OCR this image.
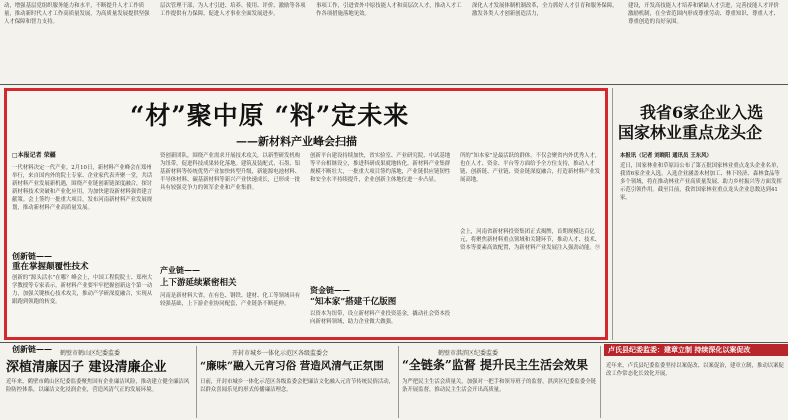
动，增强基层党组织服务能力和水平，不断提升人才工作质量，推动新时代人才工作高质量发展，为高质量发展提供坚强人才保障和智力支持。
层次管理干部，为人才引进、培养、使用、评价、激励等各项工作提供有力保障，促进人才事业全面发展进步。
事项工作，引进省外中原技能人才和高层次人才，推动人才工作各项措施落地见效。
深化人才发展体制机制改革，全力抓好人才引育和服务保障，激发各类人才创新创造活力，
建设，开发高技能人才培养和紧缺人才引进，完善技能人才评价激励机制，在全省范围内形成尊重劳动、尊重知识、尊重人才、尊重创造的良好氛围。
“材”聚中原 “料”定未来
——新材料产业峰会扫描
□本报记者 荣疆
一代材料决定一代产业。2月10日，新材料产业峰会在郑州举行，来自国内外的院士专家、企业家代表齐聚一堂，共话新材料产业发展新机遇，围绕产业链创新链深度融合，探讨新材料技术突破和产业化应用，为加快建设新材料强省建言献策。会上签约一批重大项目，发布河南新材料产业发展规划，推动新材料产业高质量发展。
创新链——
重在掌握颠覆性技术
创新的“源头活水”在哪？峰会上，中国工程院院士、郑州大学教授等专家表示，新材料产业要牢牢把握创新这个第一动力，加强关键核心技术攻关，推动产学研深度融合，实现从跟跑到领跑的转变。
创新链——
资创新团队，围绕产业需求开展技术攻关，以新型研发机构为纽带，促进科技成果转化落地。建筑及装配式、石墨、铝基新材料等传统优势产业加快转型升级，新能源电池材料、半导体材料、碳基新材料等新兴产业快速成长，已形成一批具有较强竞争力的领军企业和产业集群。
产业链——
上下游延续紧密相关
河南是新材料大省，在有色、钢铁、建材、化工等领域具有较强基础，上下游企业协同配套，产业链条不断延伸。
创新平台建设持续加快，省实验室、产业研究院、中试基地等平台相继设立，推进科研成果就地转化。新材料产业集群规模不断壮大，一批重大项目签约落地，产业链供应链韧性和安全水平持续提升，企业创新主体地位进一步凸显。
资金链——
“知本家”搭建千亿版图
以资本为纽带，设立新材料产业投资基金，撬动社会资本投向新材料领域，助力企业做大做强。
所的“知本家”是最活跃的群体。不仅会聚省内外优秀人才，也在人才、资金、平台等方面给予全方位支持，推动人才链、创新链、产业链、资金链深度融合，打造新材料产业发展高地。
会上，河南省新材料投资集团正式揭牌，首期规模达百亿元，将聚焦新材料重点领域和关键环节，推动人才、技术、资本等要素高效配置，为新材料产业发展注入强劲动能。⑨
我省6家企业入选
国家林业重点龙头企
本报讯（记者 刘晓阳 通讯员 王东风）
近日，国家林业和草原局公布了第五批国家林业重点龙头企业名单，我省6家企业入选。入选企业涵盖木材加工、林下经济、森林食品等多个领域，将在推动林业产业高质量发展、助力乡村振兴等方面发挥示范引领作用。截至目前，我省国家林业重点龙头企业总数达到41家。
鹤壁市鹤山区纪委监委
深植清廉因子 建设清廉企业
近年来，鹤壁市鹤山区纪委监委聚焦国有企业廉洁风险，推动建立健全廉洁风险防控体系，以廉洁文化浸润企业，营造风清气正的发展环境。
开封市城乡一体化示范区各级监委会
“廉味”融入元宵习俗 营造风清气正氛围
日前，开封市城乡一体化示范区各级监委会把廉洁文化融入元宵节传统民俗活动，以群众喜闻乐见的形式传播廉洁理念。
鹤壁市淇滨区纪委监委
“全链条”监督 提升民主生活会效果
为严把民主生活会质量关，加强对一把手和领导班子的监督，淇滨区纪委监委全链条开展监督，推动民主生活会开出高质量。
卢氏县纪委监委：建章立制 持续深化以案促改
近年来，卢氏县纪委监委坚持以案促改、以案促治，建章立制，推动以案促改工作常态化长效化开展。
